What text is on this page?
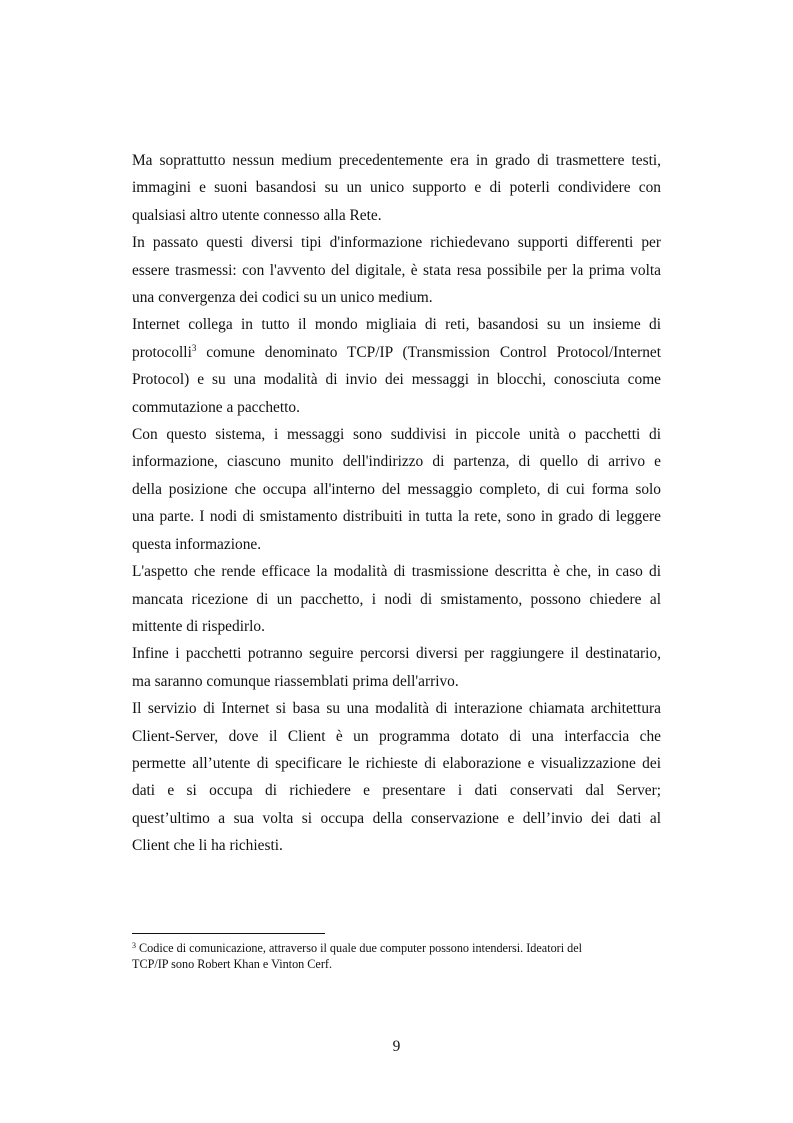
Ma soprattutto nessun medium precedentemente era in grado di trasmettere testi,
immagini e suoni basandosi su un unico supporto e di poterli condividere con
qualsiasi altro utente connesso alla Rete.

In passato questi diversi tipi d'informazione richiedevano supporti differenti per
essere trasmessi: con l'avvento del digitale, è stata resa possibile per la prima volta
una convergenza dei codici su un unico medium.

Internet collega in tutto il mondo migliaia di reti, basandosi su un insieme di
protocolli$^3$ comune denominato TCP/IP (Transmission Control Protocol/Internet
Protocol) e su una modalità di invio dei messaggi in blocchi, conosciuta come
commutazione a pacchetto.

Con questo sistema, i messaggi sono suddivisi in piccole unità o pacchetti di
informazione, ciascuno munito dell'indirizzo di partenza, di quello di arrivo e
della posizione che occupa all'interno del messaggio completo, di cui forma solo
una parte. I nodi di smistamento distribuiti in tutta la rete, sono in grado di leggere
questa informazione.

L'aspetto che rende efficace la modalità di trasmissione descritta è che, in caso di
mancata ricezione di un pacchetto, i nodi di smistamento, possono chiedere al
mittente di rispedirlo.

Infine i pacchetti potranno seguire percorsi diversi per raggiungere il destinatario,
ma saranno comunque riassemblati prima dell'arrivo.

Il servizio di Internet si basa su una modalità di interazione chiamata architettura
Client-Server, dove il Client è un programma dotato di una interfaccia che
permette all’utente di specificare le richieste di elaborazione e visualizzazione dei
dati e si occupa di richiedere e presentare i dati conservati dal Server;
quest’ultimo a sua volta si occupa della conservazione e dell’invio dei dati al
Client che li ha richiesti.

$^3$ Codice di comunicazione, attraverso il quale due computer possono intendersi. Ideatori del
TCP/IP sono Robert Khan e Vinton Cerf.
9
